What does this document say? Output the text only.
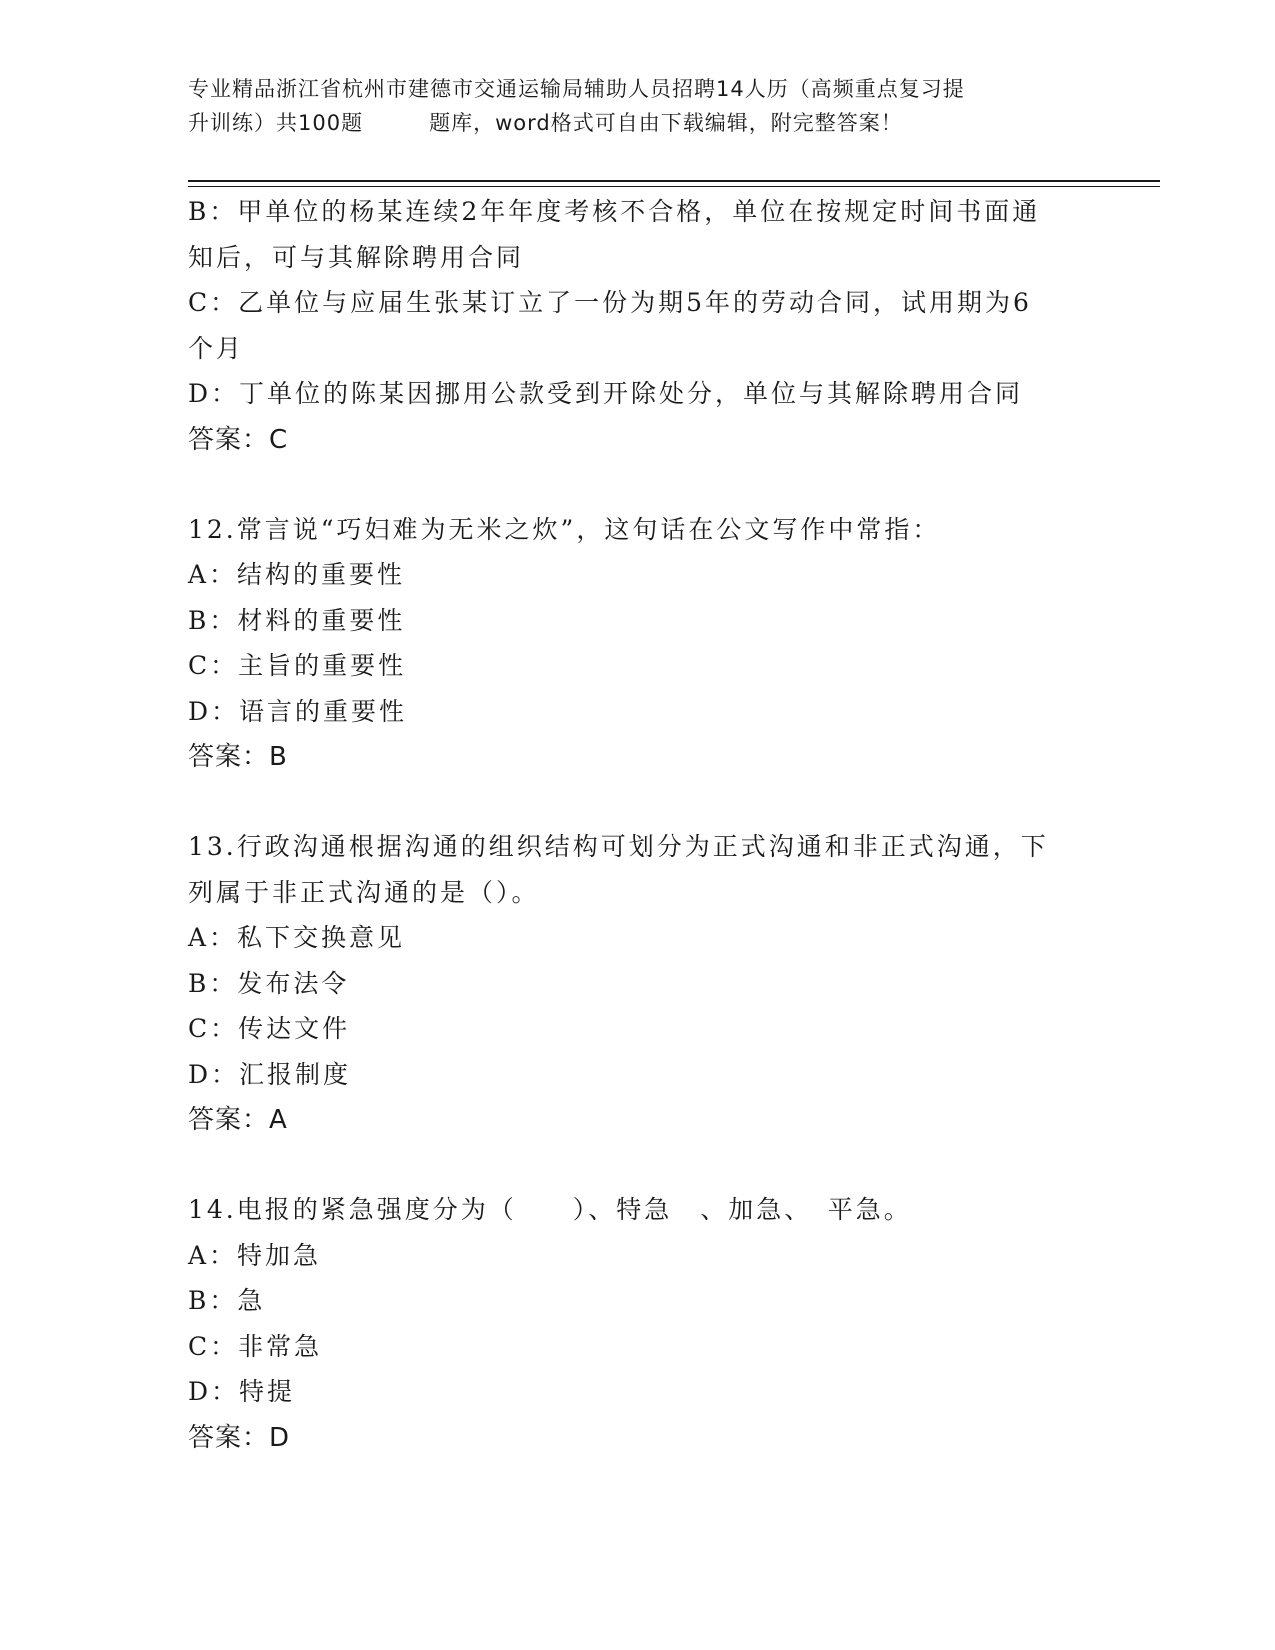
专业精品浙江省杭州市建德市交通运输局辅助人员招聘14人历（高频重点复习提
升训练）共100题	题库，word格式可自由下载编辑，附完整答案！
B：甲单位的杨某连续2年年度考核不合格，单位在按规定时间书面通
知后，可与其解除聘用合同
C：乙单位与应届生张某订立了一份为期5年的劳动合同，试用期为6
个月
D：丁单位的陈某因挪用公款受到开除处分，单位与其解除聘用合同
答案：C
12.常言说“巧妇难为无米之炊”，这句话在公文写作中常指：
A：结构的重要性
B：材料的重要性
C：主旨的重要性
D：语言的重要性
答案：B
13.行政沟通根据沟通的组织结构可划分为正式沟通和非正式沟通，下
列属于非正式沟通的是（）。
A：私下交换意见
B：发布法令
C：传达文件
D：汇报制度
答案：A
14.电报的紧急强度分为（　　）、特急　、加急、　平急。
A：特加急
B：急
C：非常急
D：特提
答案：D
